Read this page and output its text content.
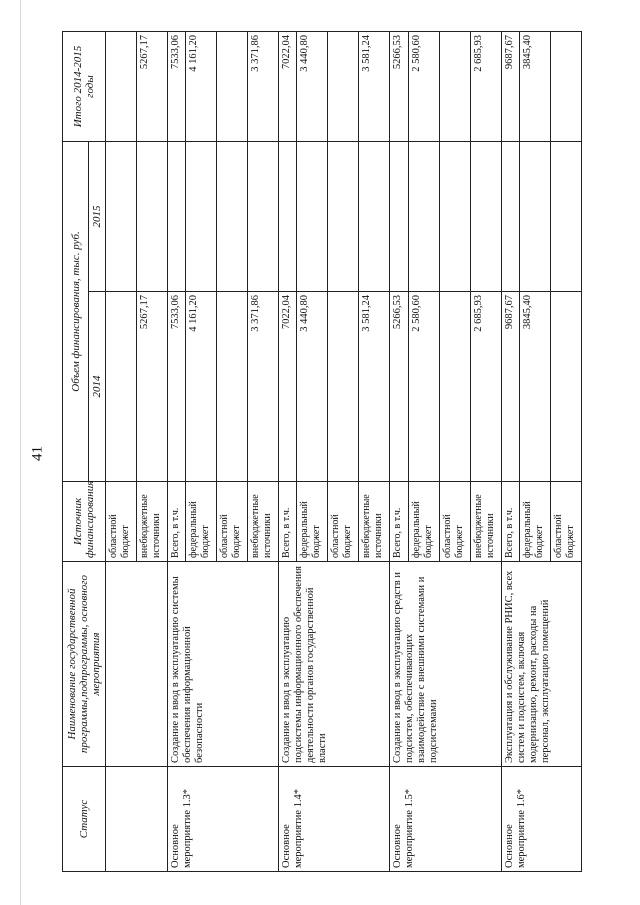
41
Статус	Наименование государственной программы,подпрограммы, основного мероприятия	Источник финансирования	Объем финансирования, тыс. руб.		Итого 2014-2015 годы
			2014	2015	
		областной бюджет			
		внебюджетные источники	5267,17		5267,17
Основное мероприятие 1.3*	Создание и ввод в эксплуатацию системы обеспечения информационной безопасности	Всего, в т.ч.	7533,06		7533,06
		федеральный бюджет	4 161,20		4 161,20
		областной бюджет			
		внебюджетные источники	3 371,86		3 371,86
Основное мероприятие 1.4*	Создание и ввод в эксплуатацию подсистемы информационного обеспечения деятельности органов государственной власти	Всего, в т.ч.	7022,04		7022,04
		федеральный бюджет	3 440,80		3 440,80
		областной бюджет			
		внебюджетные источники	3 581,24		3 581,24
Основное мероприятие 1.5*	Создание и ввод в эксплуатацию средств и подсистем, обеспечивающих взаимодействие с внешними системами и подсистемами	Всего, в т.ч.	5266,53		5266,53
		федеральный бюджет	2 580,60		2 580,60
		областной бюджет			
		внебюджетные источники	2 685,93		2 685,93
Основное мероприятие 1.6*	Эксплуатация и обслуживание РНИС, всех систем и подсистем, включая модернизацию, ремонт, расходы на персонал, эксплуатацию помещений	Всего, в т.ч.	9687,67		9687,67
		федеральный бюджет	3845,40		3845,40
		областной бюджет			
